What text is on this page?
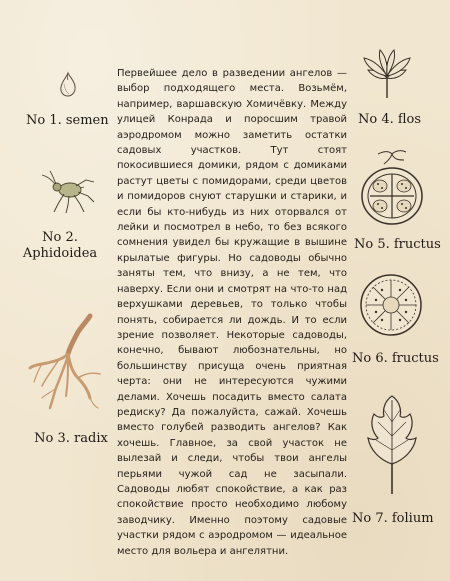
No 1. semen
No 2. Aphidoidea
No 3. radix

Первейшее дело в разведении ангелов — выбор подходящего места. Возьмём, например, варшавскую Хомичёвку. Между улицей Конрада и поросшим травой аэродромом можно заметить остатки садовых участков. Тут стоят покосившиеся домики, рядом с домиками растут цветы с помидорами, среди цветов и помидоров снуют старушки и старики, и если бы кто-нибудь из них оторвался от лейки и посмотрел в небо, то без всякого сомнения увидел бы кружащие в вышине крылатые фигуры. Но садоводы обычно заняты тем, что внизу, а не тем, что наверху. Если они и смотрят на что-то над верхушками деревьев, то только чтобы понять, собирается ли дождь. И то если зрение позволяет. Некоторые садоводы, конечно, бывают любознательны, но большинству присуща очень приятная черта: они не интересуются чужими делами. Хочешь посадить вместо салата редиску? Да пожалуйста, сажай. Хочешь вместо голубей разводить ангелов? Как хочешь. Главное, за свой участок не вылезай и следи, чтобы твои ангелы перьями чужой сад не засыпали. Садоводы любят спокойствие, а как раз спокойствие просто необходимо любому заводчику. Именно поэтому садовые участки рядом с аэродромом — идеальное место для вольера и ангелятни.

No 4. flos
No 5. fructus
No 6. fructus
No 7. folium
